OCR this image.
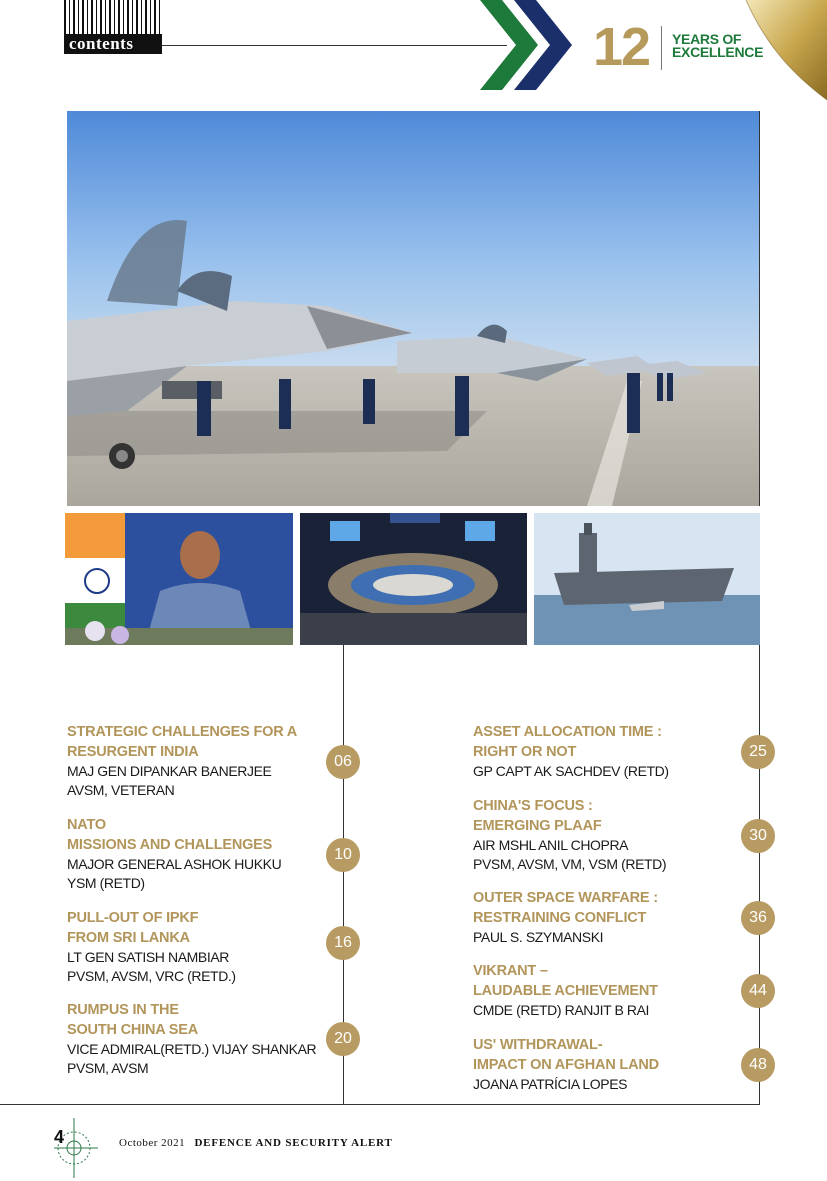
contents	12 YEARS OF
EXCELLENCE
STRATEGIC CHALLENGES FOR A
RESURGENT INDIA
MAJ GEN DIPANKAR BANERJEE
AVSM, VETERAN
06
NATO
MISSIONS AND CHALLENGES
MAJOR GENERAL ASHOK HUKKU
YSM (RETD)
10
PULL-OUT OF IPKF
FROM SRI LANKA
LT GEN SATISH NAMBIAR
PVSM, AVSM, VRC (RETD.)
16
RUMPUS IN THE
SOUTH CHINA SEA
VICE ADMIRAL(RETD.) VIJAY SHANKAR
PVSM, AVSM
20
ASSET ALLOCATION TIME :
RIGHT OR NOT
GP CAPT AK SACHDEV (RETD)
25
CHINA'S FOCUS :
EMERGING PLAAF
AIR MSHL ANIL CHOPRA
PVSM, AVSM, VM, VSM (RETD)
30
OUTER SPACE WARFARE :
RESTRAINING CONFLICT
PAUL S. SZYMANSKI
36
VIKRANT –
LAUDABLE ACHIEVEMENT
CMDE (RETD) RANJIT B RAI
44
US' WITHDRAWAL-
IMPACT ON AFGHAN LAND
JOANA PATRÍCIA LOPES
48
4	October 2021 DEFENCE AND SECURITY ALERT
